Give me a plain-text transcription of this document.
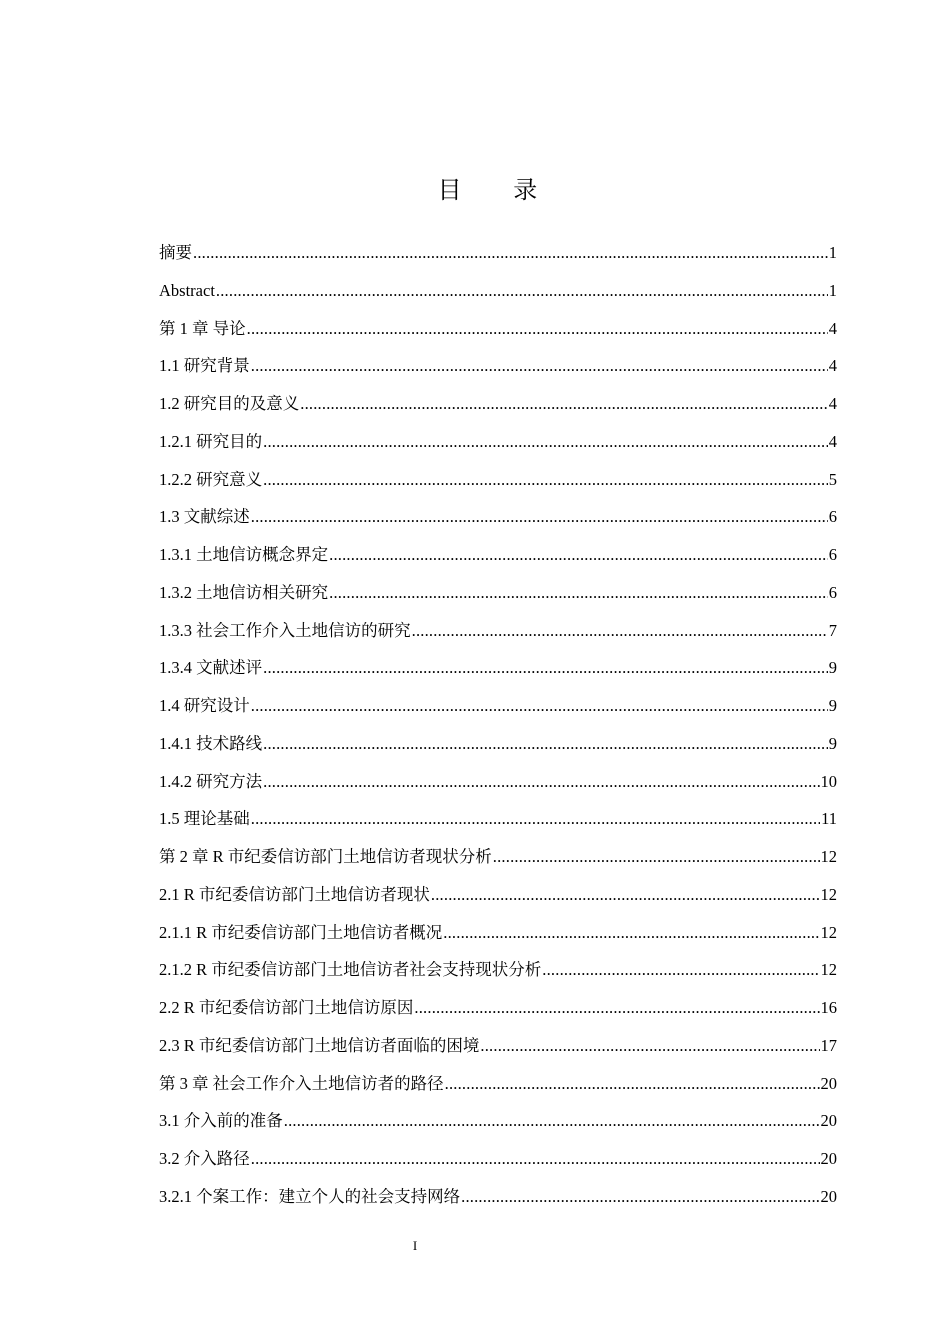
目 录
摘要 .....	1
Abstract .....	1
第 1 章 导论 .....	4
1.1 研究背景 .....	4
1.2 研究目的及意义 .....	4
1.2.1 研究目的 .....	4
1.2.2 研究意义 .....	5
1.3 文献综述 .....	6
1.3.1 土地信访概念界定 .....	6
1.3.2 土地信访相关研究 .....	6
1.3.3 社会工作介入土地信访的研究 .....	7
1.3.4 文献述评 .....	9
1.4 研究设计 .....	9
1.4.1 技术路线 .....	9
1.4.2 研究方法 .....	10
1.5 理论基础 .....	11
第 2 章 R 市纪委信访部门土地信访者现状分析 .....	12
2.1 R 市纪委信访部门土地信访者现状 .....	12
2.1.1 R 市纪委信访部门土地信访者概况 .....	12
2.1.2 R 市纪委信访部门土地信访者社会支持现状分析 .....	12
2.2 R 市纪委信访部门土地信访原因 .....	16
2.3 R 市纪委信访部门土地信访者面临的困境 .....	17
第 3 章 社会工作介入土地信访者的路径 .....	20
3.1 介入前的准备 .....	20
3.2 介入路径 .....	20
3.2.1 个案工作：建立个人的社会支持网络 .....	20
I
